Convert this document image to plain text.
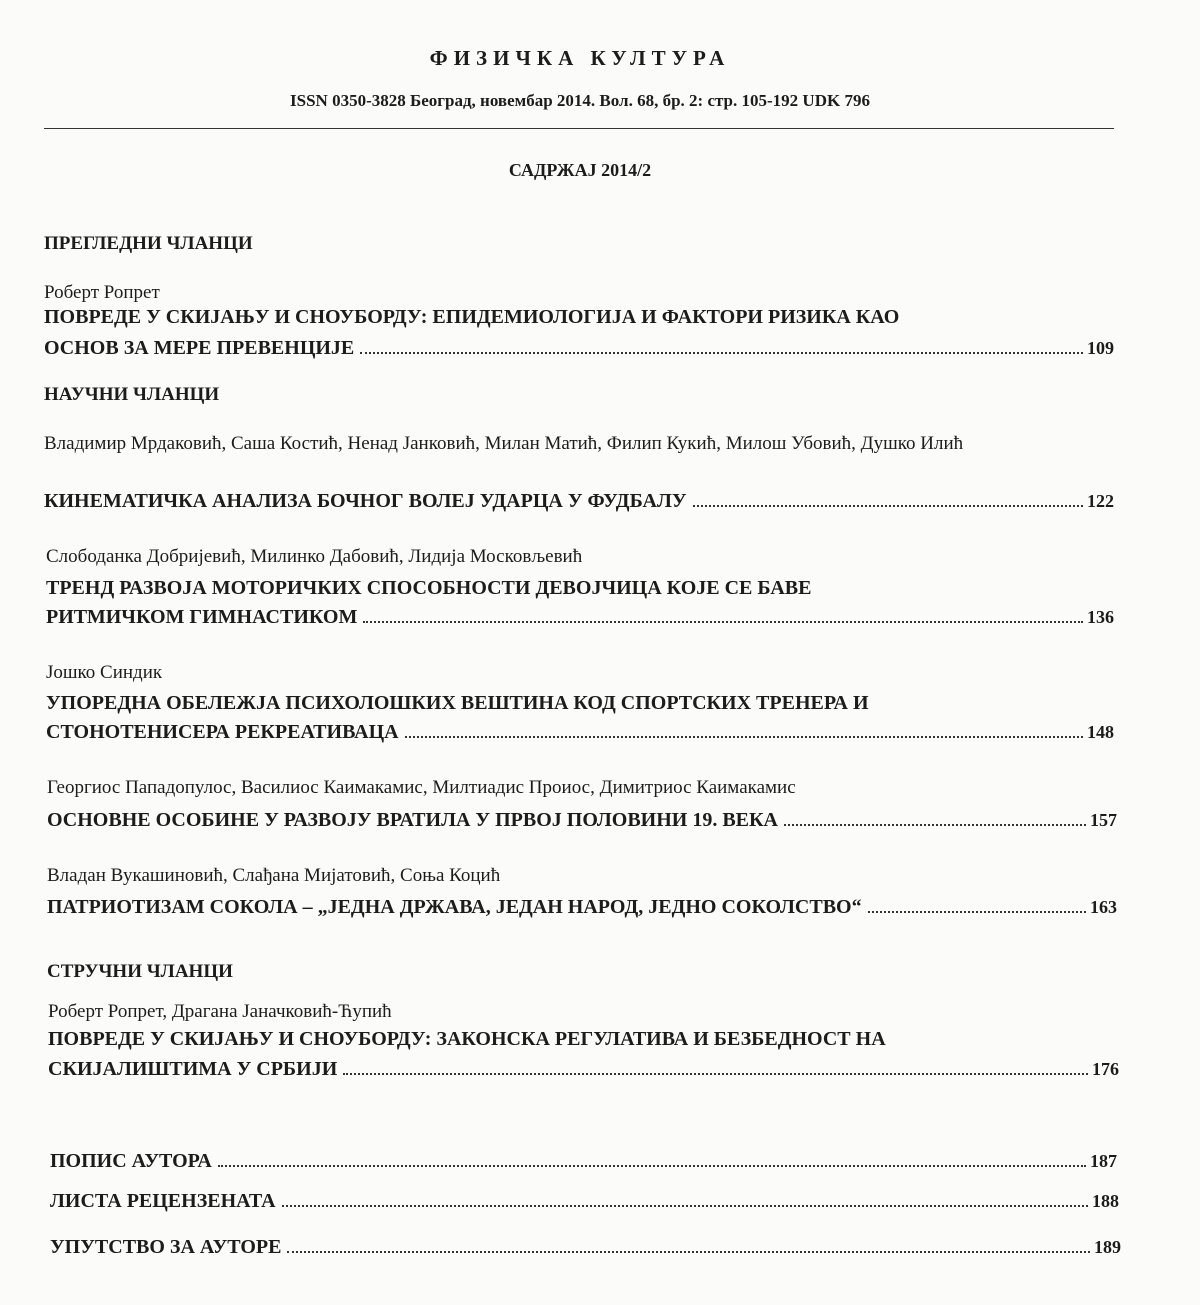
ФИЗИЧКА КУЛТУРА
ISSN 0350-3828 Београд, новембар 2014. Вол. 68, бр. 2: стр. 105-192 UDK 796
САДРЖАЈ 2014/2
ПРЕГЛЕДНИ ЧЛАНЦИ
Роберт Ропрет
ПОВРЕДЕ У СКИЈАЊУ И СНОУБОРДУ: ЕПИДЕМИОЛОГИЈА И ФАКТОРИ РИЗИКА КАО
ОСНОВ ЗА МЕРЕ ПРЕВЕНЦИЈЕ	109
НАУЧНИ ЧЛАНЦИ
Владимир Мрдаковић, Саша Костић, Ненад Јанковић, Милан Матић, Филип Кукић, Милош Убовић, Душко Илић
КИНЕМАТИЧКА АНАЛИЗА БОЧНОГ ВОЛЕЈ УДАРЦА У ФУДБАЛУ	122
Слободанка Добријевић, Милинко Дабовић, Лидија Московљевић
ТРЕНД РАЗВОЈА МОТОРИЧКИХ СПОСОБНОСТИ ДЕВОЈЧИЦА КОЈЕ СЕ БАВЕ
РИТМИЧКОМ ГИМНАСТИКОМ	136
Јошко Синдик
УПОРЕДНА ОБЕЛЕЖЈА ПСИХОЛОШКИХ ВЕШТИНА КОД СПОРТСКИХ ТРЕНЕРА И
СТОНОТЕНИСЕРА РЕКРЕАТИВАЦА	148
Георгиос Пападопулос, Василиос Каимакамис, Милтиадис Проиос, Димитриос Каимакамис
ОСНОВНЕ ОСОБИНЕ У РАЗВОЈУ ВРАТИЛА У ПРВОЈ ПОЛОВИНИ 19. ВЕКА	157
Владан Вукашиновић, Слађана Мијатовић, Соња Коцић
ПАТРИОТИЗАМ СОКОЛА – „ЈЕДНА ДРЖАВА, ЈЕДАН НАРОД, ЈЕДНО СОКОЛСТВО“	163
СТРУЧНИ ЧЛАНЦИ
Роберт Ропрет, Драгана Јаначковић-Ћупић
ПОВРЕДЕ У СКИЈАЊУ И СНОУБОРДУ: ЗАКОНСКА РЕГУЛАТИВА И БЕЗБЕДНОСТ НА
СКИЈАЛИШТИМА У СРБИЈИ	176
ПОПИС АУТОРА	187
ЛИСТА РЕЦЕНЗЕНАТА	188
УПУТСТВО ЗА АУТОРЕ	189
